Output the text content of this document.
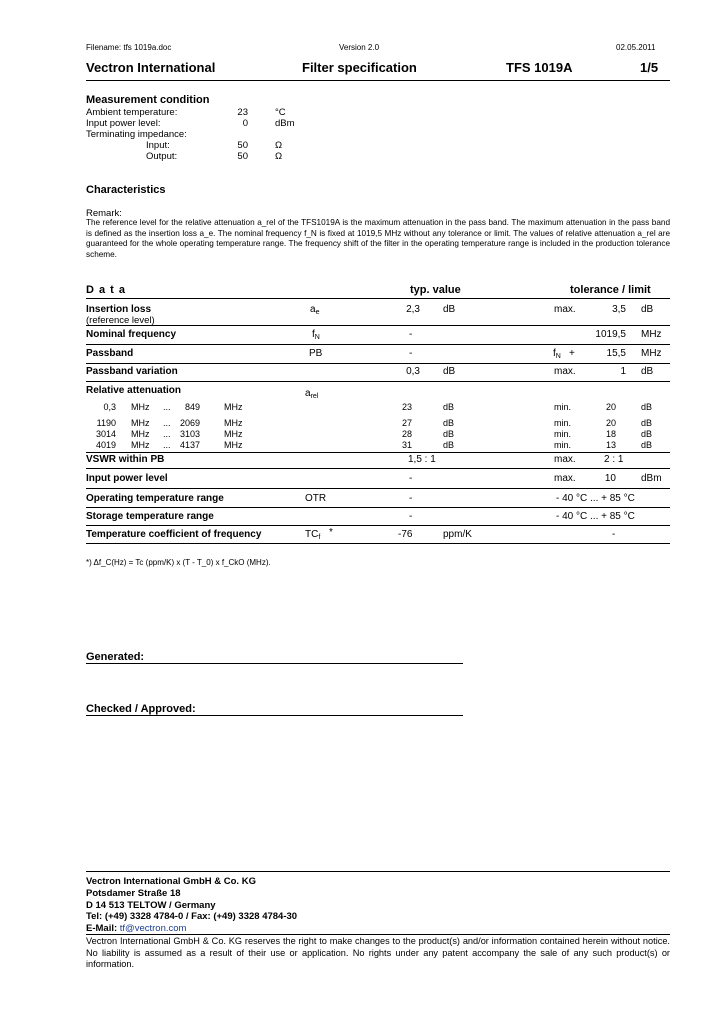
Filename: tfs 1019a.doc	Version 2.0	02.05.2011
Vectron International	Filter specification	TFS 1019A	1/5
Measurement condition
Ambient temperature:	23	°C
Input power level:	0	dBm
Terminating impedance:
Input:	50	Ω
Output:	50	Ω
Characteristics
Remark:
The reference level for the relative attenuation a_rel of the TFS1019A is the maximum attenuation in the pass band. The maximum attenuation in the pass band is defined as the insertion loss a_e. The nominal frequency f_N is fixed at 1019,5 MHz without any tolerance or limit. The values of relative attenuation a_rel are guaranteed for the whole operating temperature range. The frequency shift of the filter in the operating temperature range is included in the production tolerance scheme.
D a t a	typ. value	tolerance / limit
Insertion loss	$a_e$	2,3 dB	max.	3,5 dB
(reference level)
Nominal frequency	$f_N$	-	1019,5 MHz
Passband	PB	-	$f_N$ +	15,5 MHz
Passband variation	0,3 dB	max.	1 dB
Relative attenuation	$a_{rel}$
0,3 MHz ...	849	MHz	23	dB	min.	20	dB
1190 MHz ...	2069	MHz	27	dB	min.	20	dB
3014 MHz ...	3103	MHz	28	dB	min.	18	dB
4019 MHz ...	4137	MHz	31	dB	min.	13	dB
VSWR within PB	1,5 : 1	max.	2 : 1
Input power level	-	max.	10	dBm
Operating temperature range	OTR	-	- 40 °C ... + 85 °C
Storage temperature range	-	- 40 °C ... + 85 °C
Temperature coefficient of frequency	$TC_f$ *	-76	ppm/K	-
*) Δf_C(Hz) = Tc (ppm/K) x (T - T_0) x f_CkO (MHz).
Generated:
Checked / Approved:
Vectron International GmbH & Co. KG
Potsdamer Straße 18
D 14 513 TELTOW / Germany
Tel: (+49) 3328 4784-0 / Fax: (+49) 3328 4784-30
E-Mail: tf@vectron.com
Vectron International GmbH & Co. KG reserves the right to make changes to the product(s) and/or information contained herein without notice. No liability is assumed as a result of their use or application. No rights under any patent accompany the sale of any such product(s) or information.
